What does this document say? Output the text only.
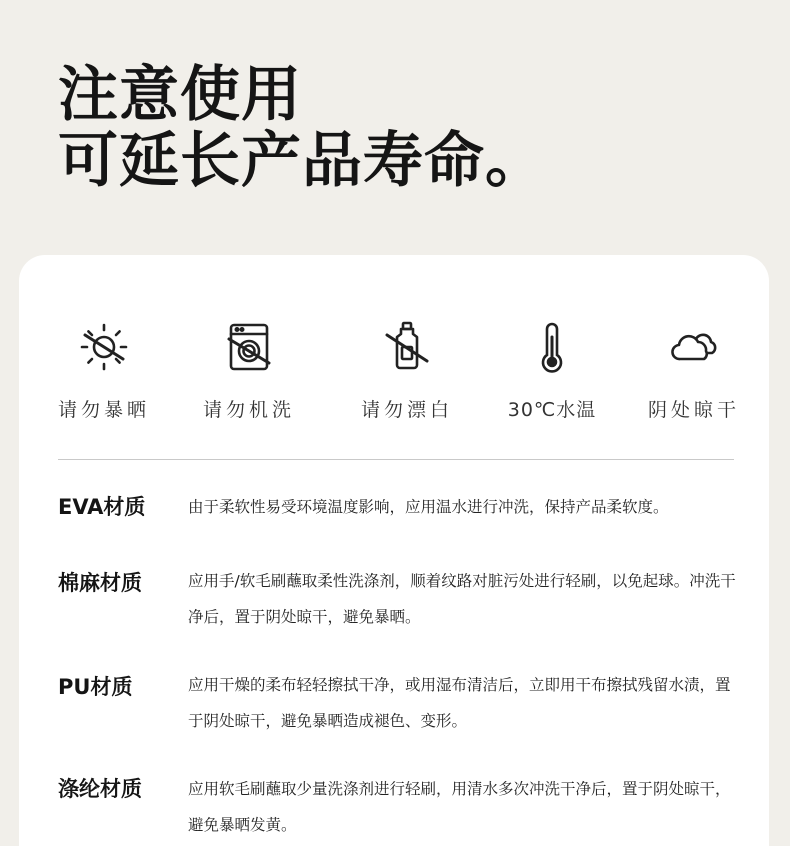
注意使用
可延长产品寿命。
请勿暴晒	请勿机洗	请勿漂白	30℃水温	阴处晾干
EVA材质	由于柔软性易受环境温度影响，应用温水进行冲洗，保持产品柔软度。
棉麻材质	应用手/软毛刷蘸取柔性洗涤剂，顺着纹路对脏污处进行轻刷，以免起球。冲洗干净后，置于阴处晾干，避免暴晒。
PU材质	应用干燥的柔布轻轻擦拭干净，或用湿布清洁后，立即用干布擦拭残留水渍，置于阴处晾干，避免暴晒造成褪色、变形。
涤纶材质	应用软毛刷蘸取少量洗涤剂进行轻刷，用清水多次冲洗干净后，置于阴处晾干，避免暴晒发黄。
